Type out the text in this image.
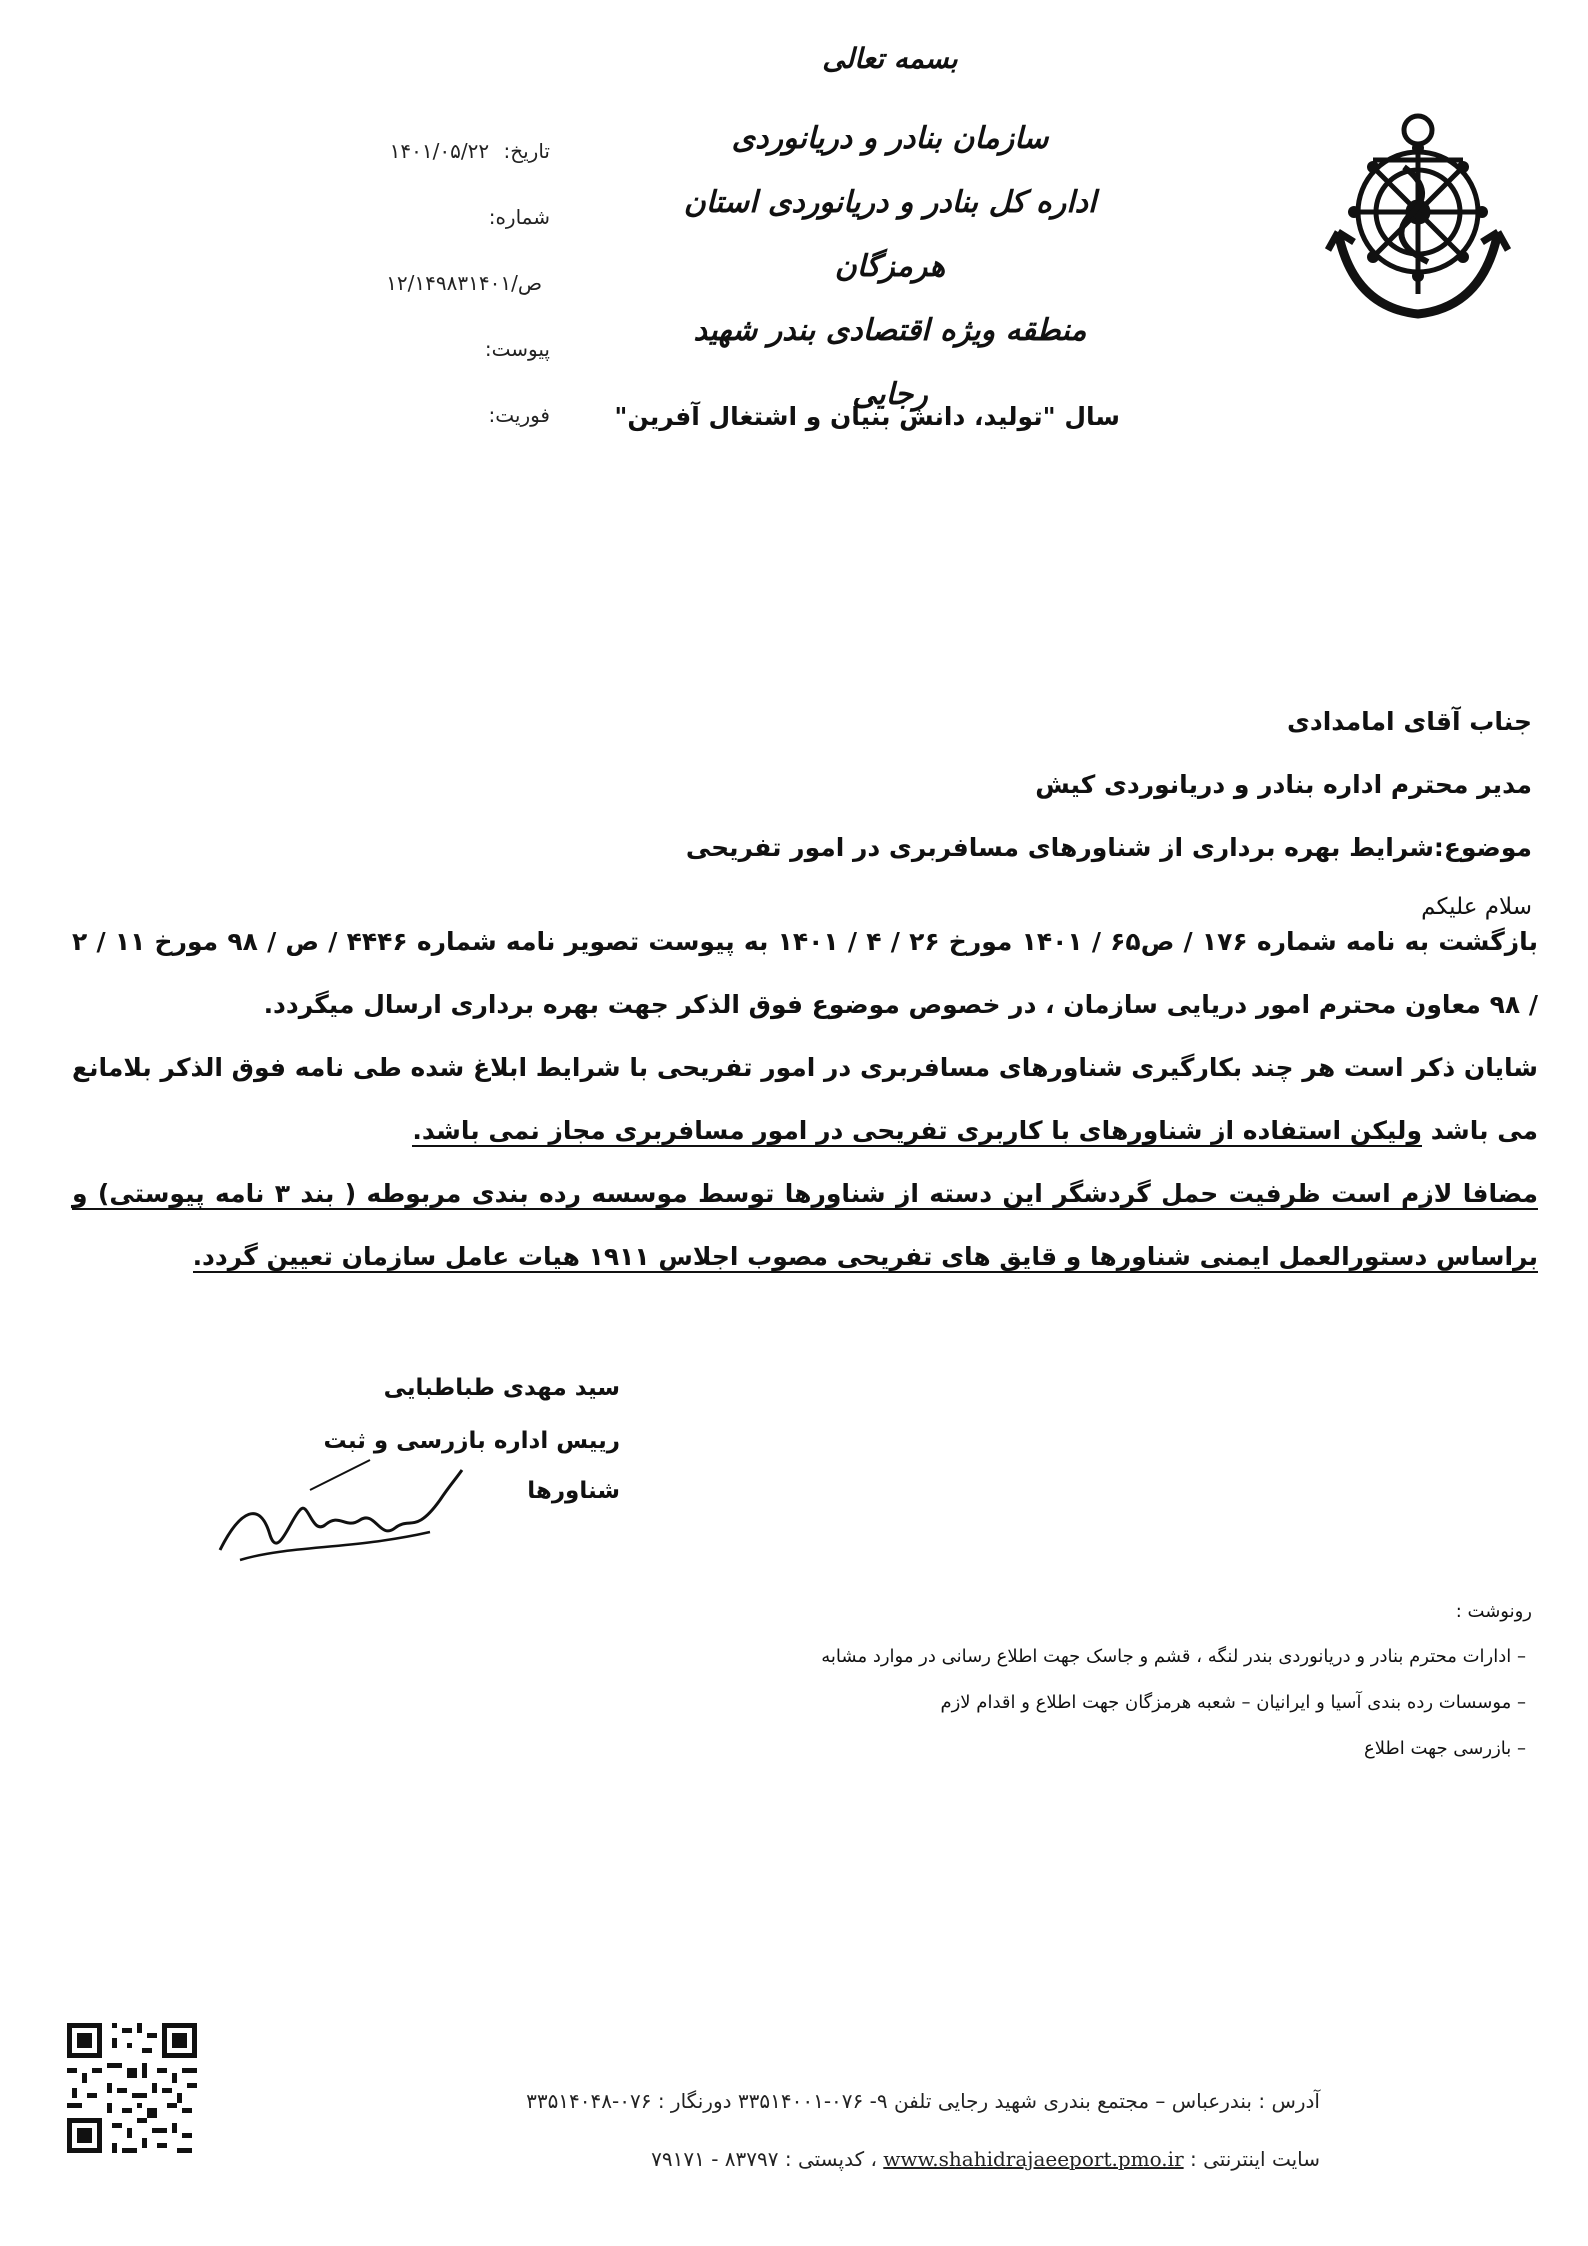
بسمه تعالی
سازمان بنادر و دریانوردی
اداره کل بنادر و دریانوردی استان هرمزگان
منطقه ویژه اقتصادی بندر شهید رجایی
تاریخ: ۱۴۰۱/۰۵/۲۲
شماره:
۱۲/۱۴۹۸۳ص/۱۴۰۱
پیوست:
فوریت:	سال "تولید، دانش بنیان و اشتغال آفرین"
جناب آقای امامدادی
مدیر محترم اداره بنادر و دریانوردی کیش
موضوع:شرایط بهره برداری از شناورهای مسافربری در امور تفریحی
سلام علیکم

بازگشت به نامه شماره ۱۷۶ / ص۶۵ / ۱۴۰۱ مورخ ۲۶ / ۴ / ۱۴۰۱ به پیوست تصویر نامه شماره ۴۴۴۶ / ص / ۹۸ مورخ ۱۱ / ۲ / ۹۸ معاون محترم امور دریایی سازمان ، در خصوص موضوع فوق الذکر جهت بهره برداری ارسال میگردد.

شایان ذکر است هر چند بکارگیری شناورهای مسافربری در امور تفریحی با شرایط ابلاغ شده طی نامه فوق الذکر بلامانع می باشد ولیکن استفاده از شناورهای با کاربری تفریحی در امور مسافربری مجاز نمی باشد.

مضافا لازم است ظرفیت حمل گردشگر این دسته از شناورها توسط موسسه رده بندی مربوطه ( بند ۳ نامه پیوستی) و براساس دستورالعمل ایمنی شناورها و قایق های تفریحی مصوب اجلاس ۱۹۱۱ هیات عامل سازمان تعیین گردد.

سید مهدی طباطبایی
رییس اداره بازرسی و ثبت شناورها
رونوشت :
– ادارات محترم بنادر و دریانوردی بندر لنگه ، قشم و جاسک جهت اطلاع رسانی در موارد مشابه
– موسسات رده بندی آسیا و ایرانیان – شعبه هرمزگان جهت اطلاع و اقدام لازم
– بازرسی جهت اطلاع
آدرس : بندرعباس – مجتمع بندری شهید رجایی تلفن ۹- ۰۷۶-۳۳۵۱۴۰۰۱ دورنگار : ۰۷۶-۳۳۵۱۴۰۴۸
سایت اینترنتی : www.shahidrajaeeport.pmo.ir ، کدپستی : ۸۳۷۹۷ - ۷۹۱۷۱
